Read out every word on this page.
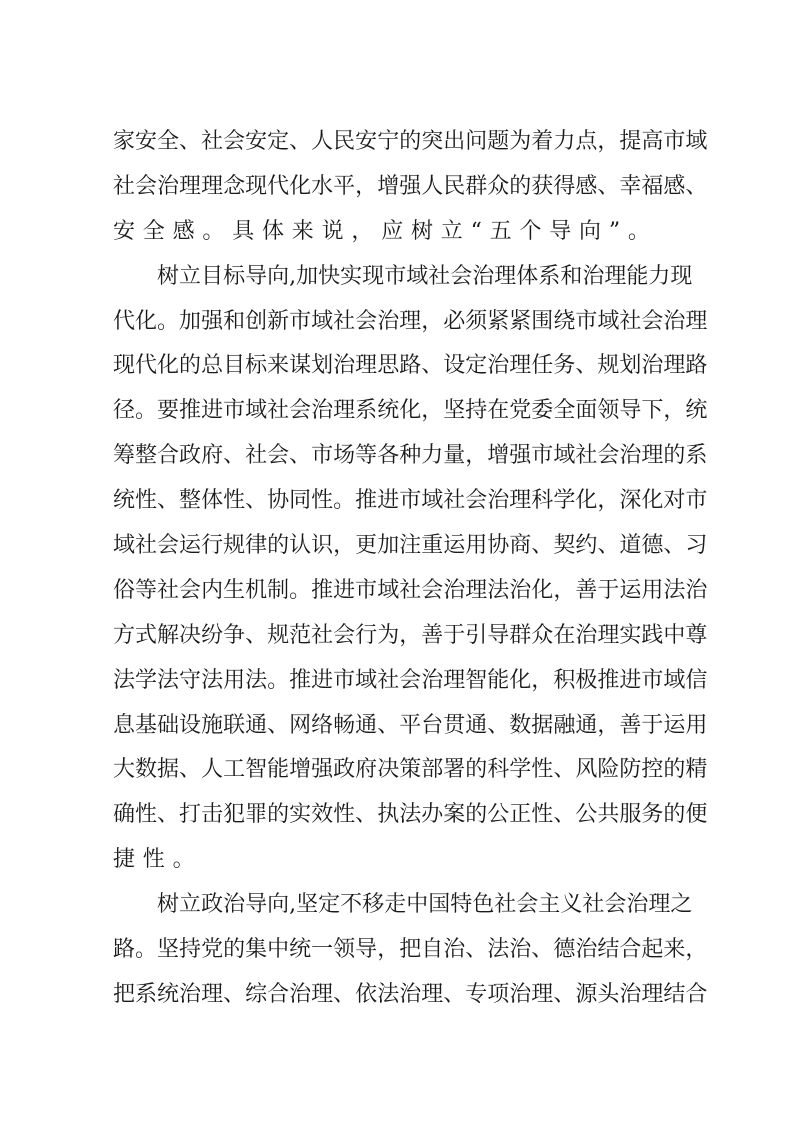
家 安 全 、 社 会 安 定 、 人 民 安 宁 的 突 出 问 题 为 着 力 点 ， 提 高 市 域
社 会 治 理 理 念 现 代 化 水 平 ， 增 强 人 民 群 众 的 获 得 感 、 幸 福 感 、
安全感。具体来说，应树立“五个导向”。

树 立 目 标 导 向 , 加 快 实 现 市 域 社 会 治 理 体 系 和 治 理 能 力 现
代 化 。 加 强 和 创 新 市 域 社 会 治 理 ， 必 须 紧 紧 围 绕 市 域 社 会 治 理
现 代 化 的 总 目 标 来 谋 划 治 理 思 路 、 设 定 治 理 任 务 、 规 划 治 理 路
径 。 要 推 进 市 域 社 会 治 理 系 统 化 ， 坚 持 在 党 委 全 面 领 导 下 ， 统
筹 整 合 政 府 、 社 会 、 市 场 等 各 种 力 量 ， 增 强 市 域 社 会 治 理 的 系
统 性 、 整 体 性 、 协 同 性 。 推 进 市 域 社 会 治 理 科 学 化 ， 深 化 对 市
域 社 会 运 行 规 律 的 认 识 ， 更 加 注 重 运 用 协 商 、 契 约 、 道 德 、 习
俗 等 社 会 内 生 机 制 。 推 进 市 域 社 会 治 理 法 治 化 ， 善 于 运 用 法 治
方 式 解 决 纷 争 、 规 范 社 会 行 为 ， 善 于 引 导 群 众 在 治 理 实 践 中 尊
法 学 法 守 法 用 法 。 推 进 市 域 社 会 治 理 智 能 化 ， 积 极 推 进 市 域 信
息 基 础 设 施 联 通 、 网 络 畅 通 、 平 台 贯 通 、 数 据 融 通 ， 善 于 运 用
大 数 据 、 人 工 智 能 增 强 政 府 决 策 部 署 的 科 学 性 、 风 险 防 控 的 精
确 性 、 打 击 犯 罪 的 实 效 性 、 执 法 办 案 的 公 正 性 、 公 共 服 务 的 便
捷性。

树 立 政 治 导 向 , 坚 定 不 移 走 中 国 特 色 社 会 主 义 社 会 治 理 之
路 。 坚 持 党 的 集 中 统 一 领 导 ， 把 自 治 、 法 治 、 德 治 结 合 起 来 ，
把 系 统 治 理 、 综 合 治 理 、 依 法 治 理 、 专 项 治 理 、 源 头 治 理 结 合
